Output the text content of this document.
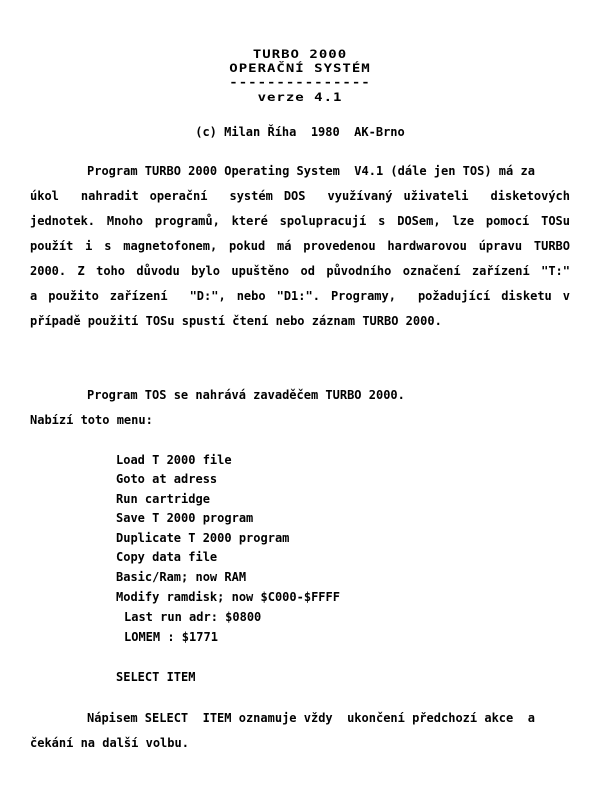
TURBO 2000
OPERAČNÍ SYSTÉM
---------------
verze 4.1
(c) Milan Říha  1980  AK-Brno
Program TURBO 2000 Operating System  V4.1 (dále jen TOS) má za
úkol  nahradit operační  systém DOS  využívaný uživateli  disketových
jednotek. Mnoho programů, které spolupracují s DOSem, lze pomocí TOSu
použít i s magnetofonem, pokud má provedenou hardwarovou úpravu TURBO
2000. Z toho důvodu bylo upuštěno od původního označení zařízení "T:"
a použito zařízení  "D:", nebo "D1:". Programy,  požadující disketu v
případě použití TOSu spustí čtení nebo záznam TURBO 2000.
Program TOS se nahrává zavaděčem TURBO 2000.
Nabízí toto menu:
Load T 2000 file
Goto at adress
Run cartridge
Save T 2000 program
Duplicate T 2000 program
Copy data file
Basic/Ram; now RAM
Modify ramdisk; now $C000-$FFFF
Last run adr: $0800
LOMEM : $1771
SELECT ITEM
Nápisem SELECT  ITEM oznamuje vždy  ukončení předchozí akce  a
čekání na další volbu.
